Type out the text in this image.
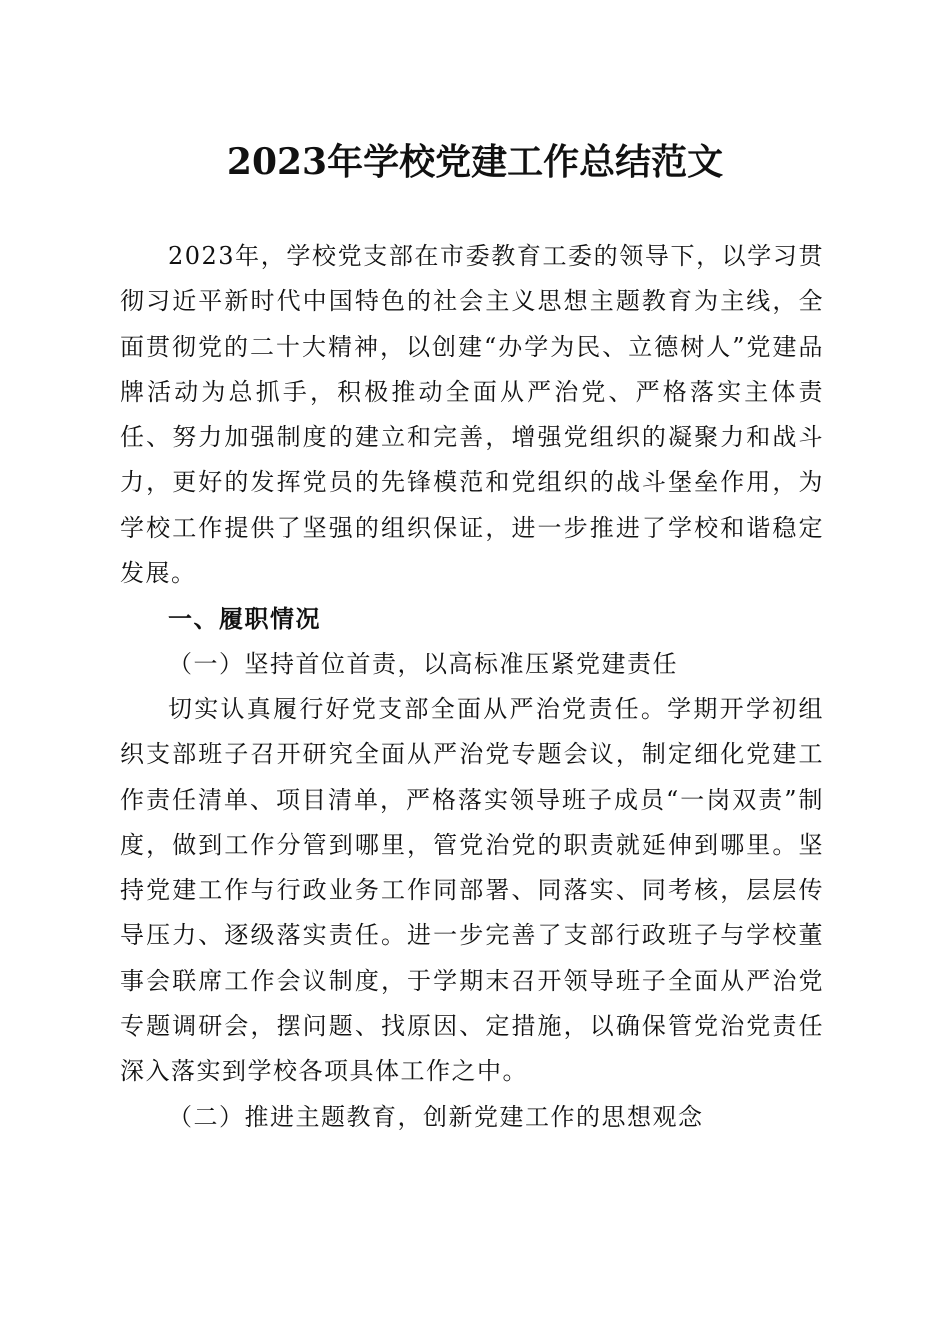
2023年学校党建工作总结范文

2023年，学校党支部在市委教育工委的领导下，以学习贯彻习近平新时代中国特色的社会主义思想主题教育为主线，全面贯彻党的二十大精神，以创建“办学为民、立德树人”党建品牌活动为总抓手，积极推动全面从严治党、严格落实主体责任、努力加强制度的建立和完善，增强党组织的凝聚力和战斗力，更好的发挥党员的先锋模范和党组织的战斗堡垒作用，为学校工作提供了坚强的组织保证，进一步推进了学校和谐稳定发展。

一、履职情况

（一）坚持首位首责，以高标准压紧党建责任

切实认真履行好党支部全面从严治党责任。学期开学初组织支部班子召开研究全面从严治党专题会议，制定细化党建工作责任清单、项目清单，严格落实领导班子成员“一岗双责”制度，做到工作分管到哪里，管党治党的职责就延伸到哪里。坚持党建工作与行政业务工作同部署、同落实、同考核，层层传导压力、逐级落实责任。进一步完善了支部行政班子与学校董事会联席工作会议制度，于学期末召开领导班子全面从严治党专题调研会，摆问题、找原因、定措施，以确保管党治党责任深入落实到学校各项具体工作之中。

（二）推进主题教育，创新党建工作的思想观念
